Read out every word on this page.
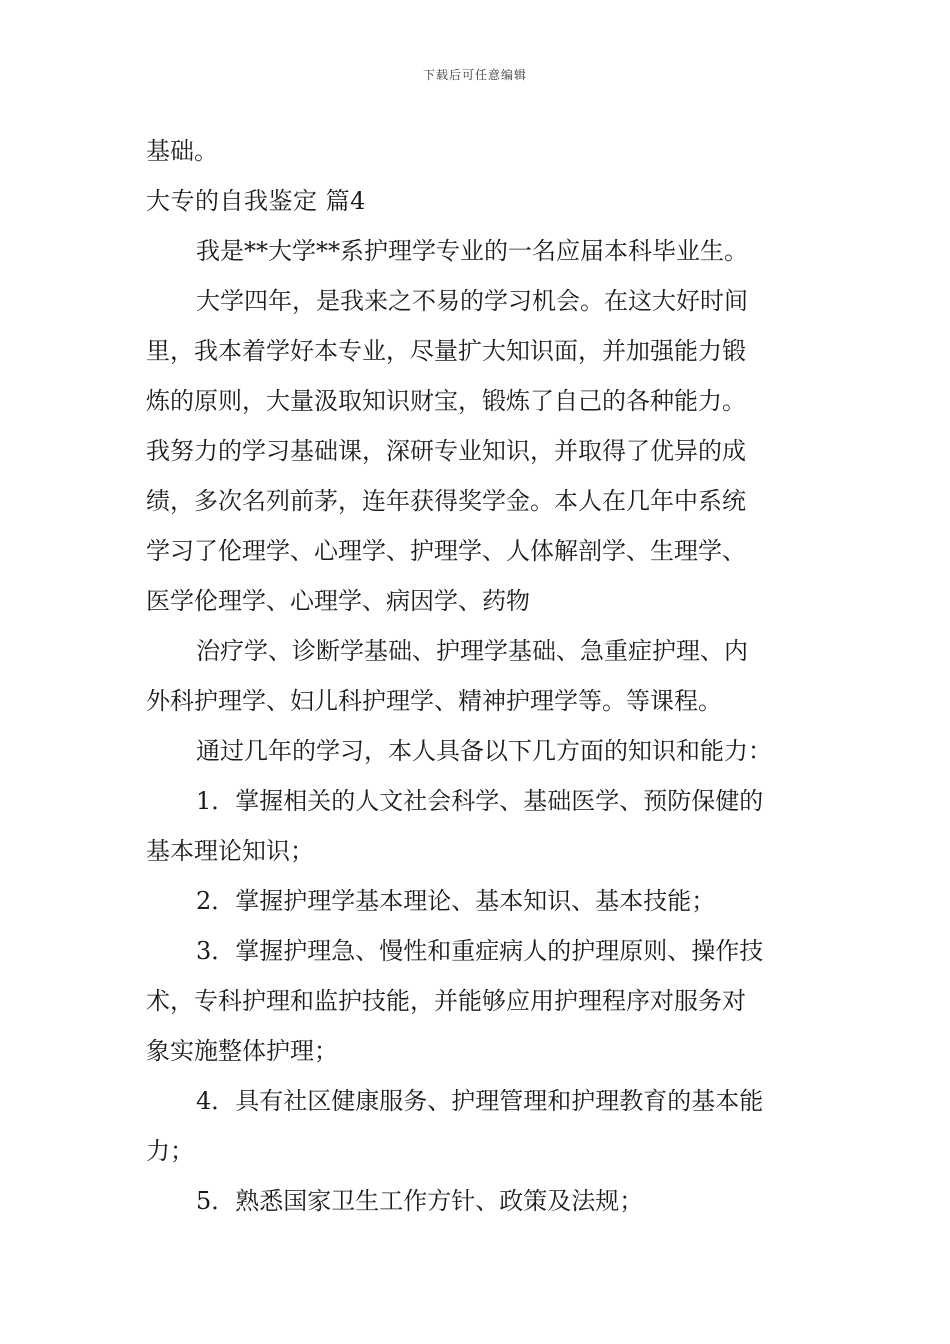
下载后可任意编辑
基础。
大专的自我鉴定 篇4
我是**大学**系护理学专业的一名应届本科毕业生。
大学四年，是我来之不易的学习机会。在这大好时间
里，我本着学好本专业，尽量扩大知识面，并加强能力锻
炼的原则，大量汲取知识财宝，锻炼了自己的各种能力。
我努力的学习基础课，深研专业知识，并取得了优异的成
绩，多次名列前茅，连年获得奖学金。本人在几年中系统
学习了伦理学、心理学、护理学、人体解剖学、生理学、
医学伦理学、心理学、病因学、药物
治疗学、诊断学基础、护理学基础、急重症护理、内
外科护理学、妇儿科护理学、精神护理学等。等课程。
通过几年的学习，本人具备以下几方面的知识和能力：
1．掌握相关的人文社会科学、基础医学、预防保健的
基本理论知识；
2．掌握护理学基本理论、基本知识、基本技能；
3．掌握护理急、慢性和重症病人的护理原则、操作技
术，专科护理和监护技能，并能够应用护理程序对服务对
象实施整体护理；
4．具有社区健康服务、护理管理和护理教育的基本能
力；
5．熟悉国家卫生工作方针、政策及法规；
